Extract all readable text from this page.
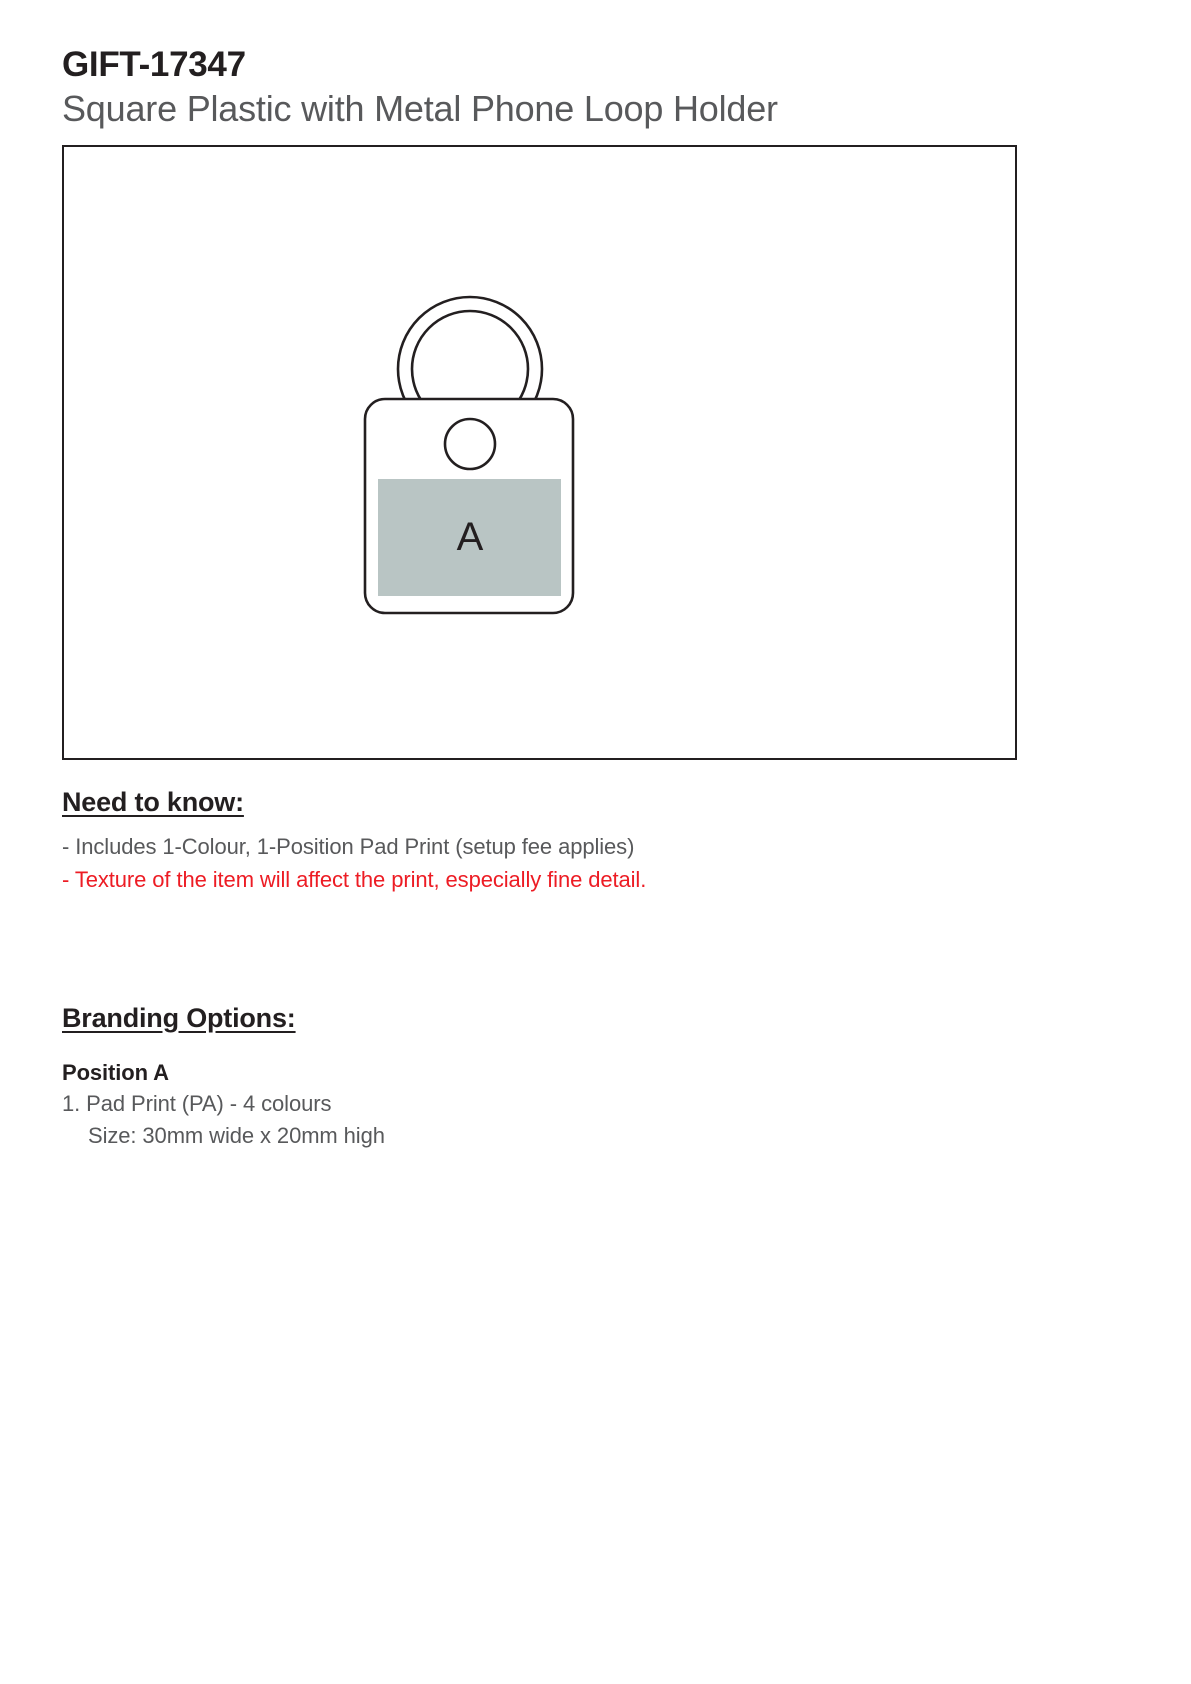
GIFT-17347
Square Plastic with Metal Phone Loop Holder
A
Need to know:
- Includes 1-Colour, 1-Position Pad Print (setup fee applies)
- Texture of the item will affect the print, especially fine detail.
Branding Options:
Position A
1. Pad Print (PA) - 4 colours
Size: 30mm wide x 20mm high
